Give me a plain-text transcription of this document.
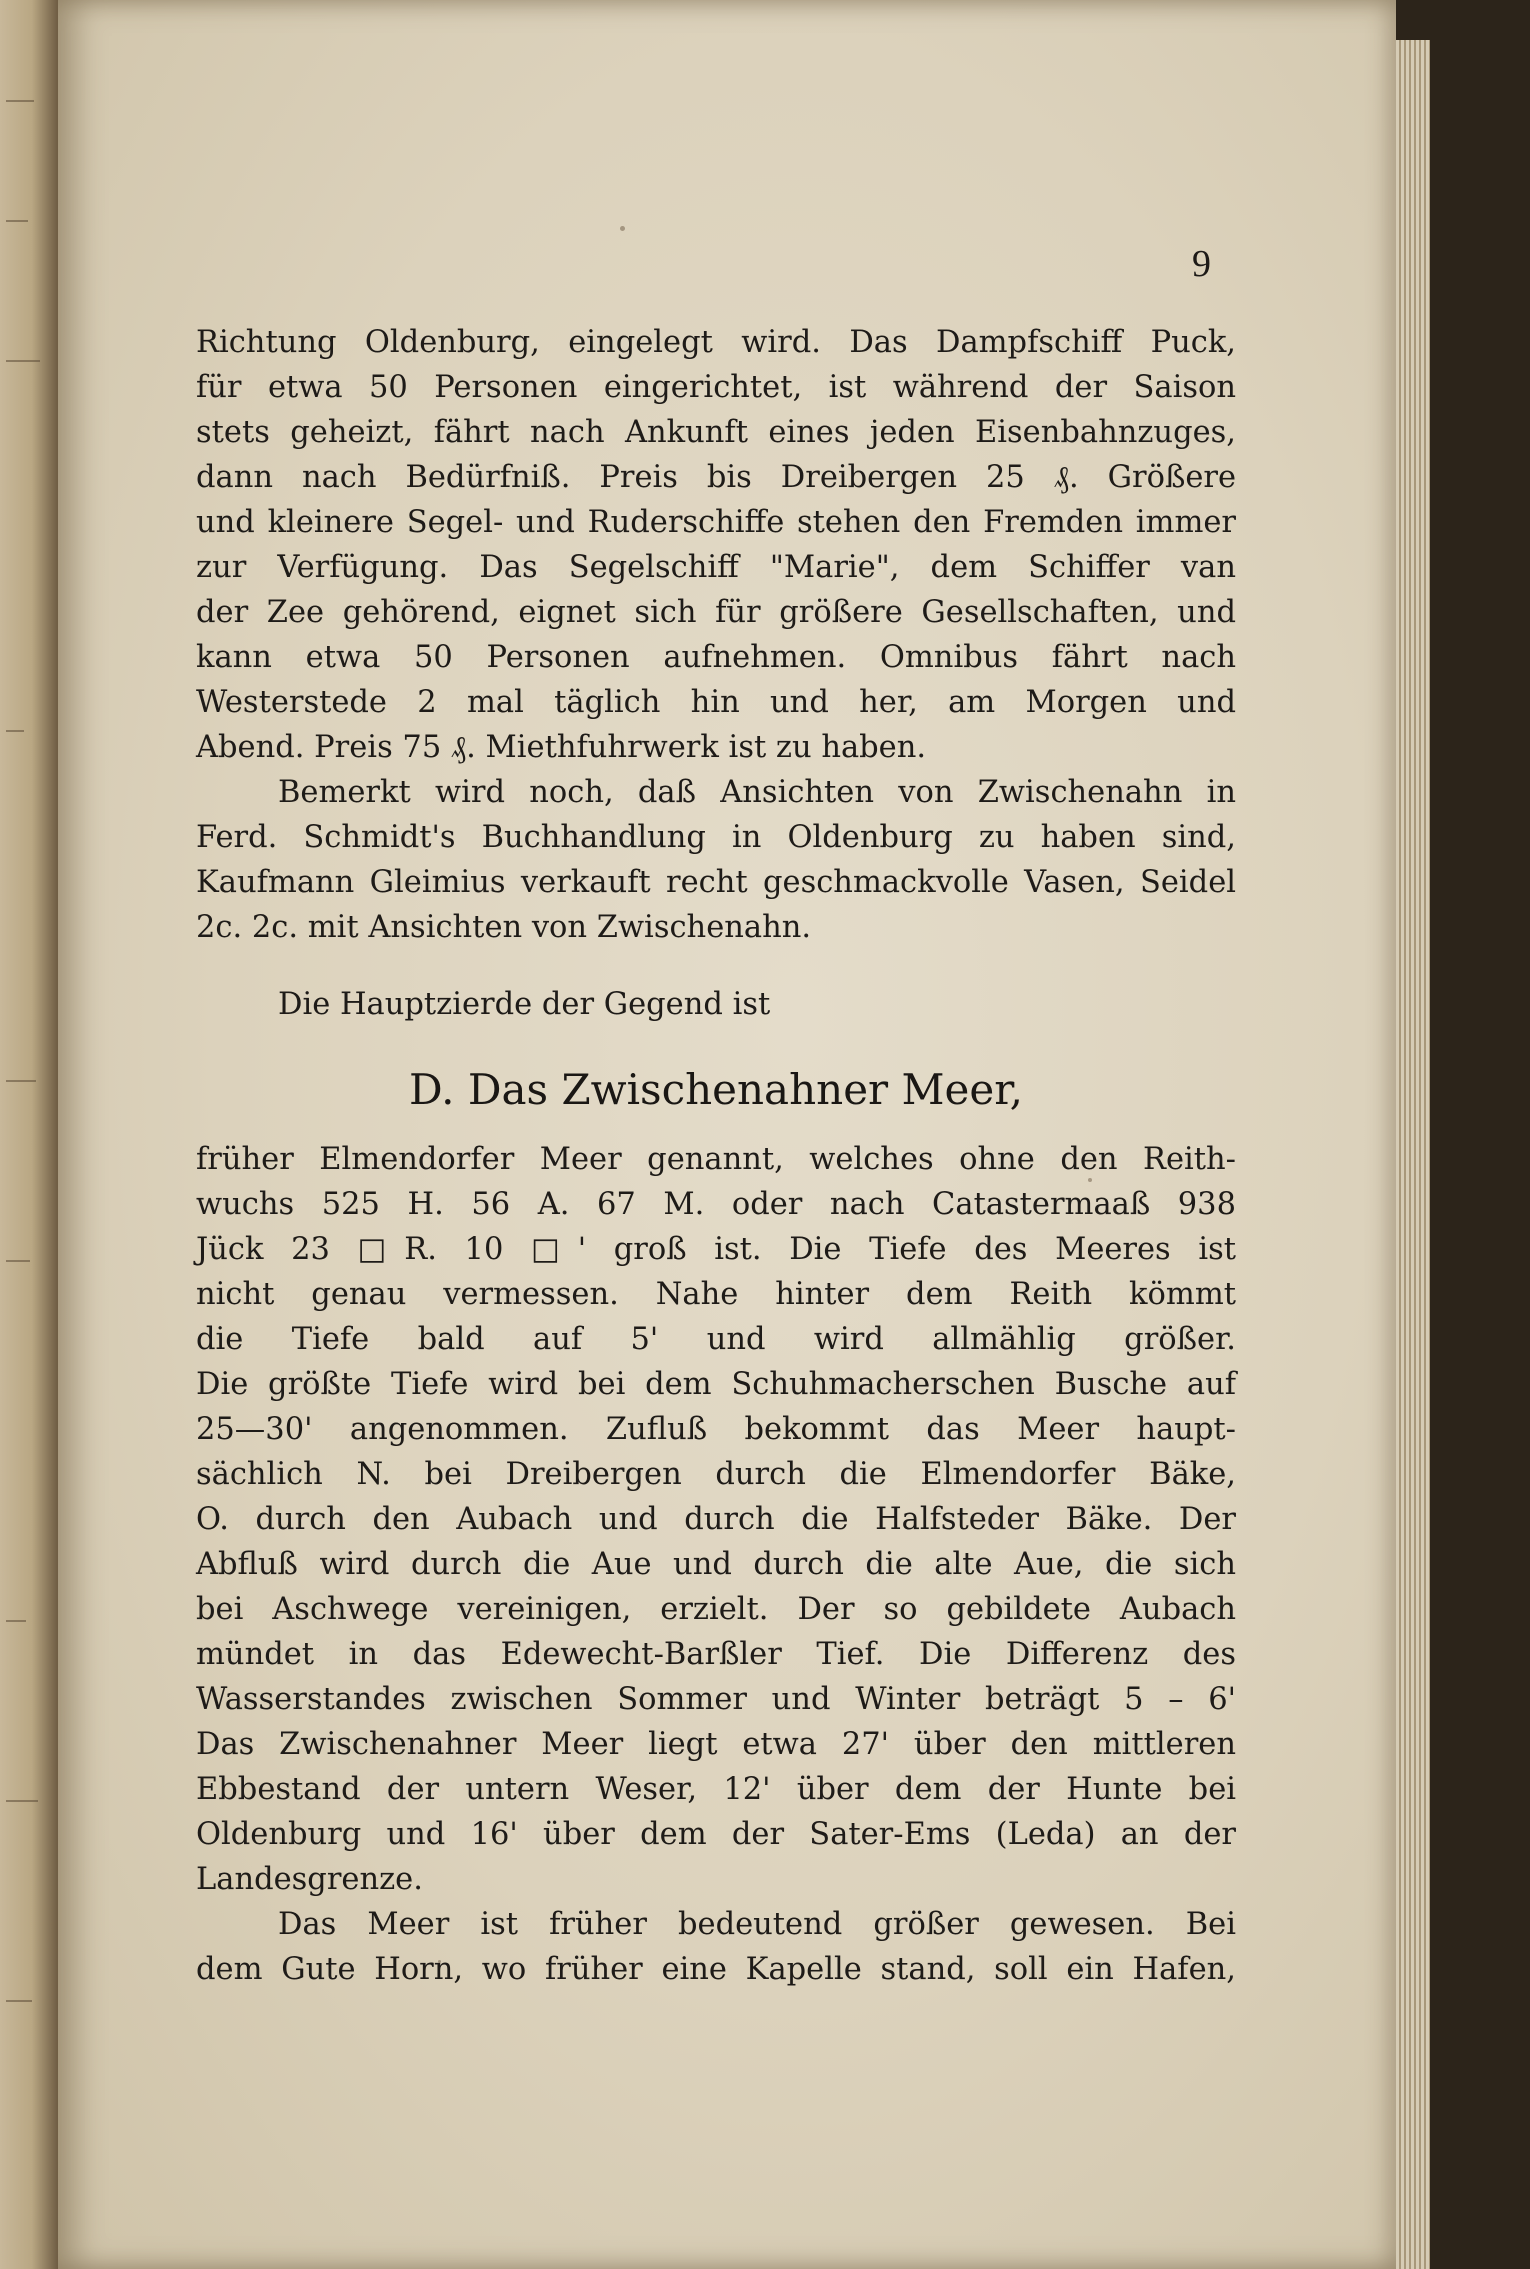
9
Richtung Oldenburg, eingelegt wird. Das Dampfschiff Puck,
für etwa 50 Personen eingerichtet, ist während der Saison
stets geheizt, fährt nach Ankunft eines jeden Eisenbahnzuges,
dann nach Bedürfniß. Preis bis Dreibergen 25 ₰. Größere
und kleinere Segel- und Ruderschiffe stehen den Fremden immer
zur Verfügung. Das Segelschiff "Marie", dem Schiffer van
der Zee gehörend, eignet sich für größere Gesellschaften, und
kann etwa 50 Personen aufnehmen. Omnibus fährt nach
Westerstede 2 mal täglich hin und her, am Morgen und
Abend. Preis 75 ₰. Miethfuhrwerk ist zu haben.
Bemerkt wird noch, daß Ansichten von Zwischenahn in
Ferd. Schmidt's Buchhandlung in Oldenburg zu haben sind,
Kaufmann Gleimius verkauft recht geschmackvolle Vasen, Seidel
2c. 2c. mit Ansichten von Zwischenahn.
Die Hauptzierde der Gegend ist
D. Das Zwischenahner Meer,
früher Elmendorfer Meer genannt, welches ohne den Reith-
wuchs 525 H. 56 A. 67 M. oder nach Catastermaaß 938
Jück 23 □R. 10 □' groß ist. Die Tiefe des Meeres ist
nicht genau vermessen. Nahe hinter dem Reith kömmt
die Tiefe bald auf 5' und wird allmählig größer.
Die größte Tiefe wird bei dem Schuhmacherschen Busche auf
25—30' angenommen. Zufluß bekommt das Meer haupt-
sächlich N. bei Dreibergen durch die Elmendorfer Bäke,
O. durch den Aubach und durch die Halfsteder Bäke. Der
Abfluß wird durch die Aue und durch die alte Aue, die sich
bei Aschwege vereinigen, erzielt. Der so gebildete Aubach
mündet in das Edewecht-Barßler Tief. Die Differenz des
Wasserstandes zwischen Sommer und Winter beträgt 5 – 6'
Das Zwischenahner Meer liegt etwa 27' über den mittleren
Ebbestand der untern Weser, 12' über dem der Hunte bei
Oldenburg und 16' über dem der Sater-Ems (Leda) an der
Landesgrenze.
Das Meer ist früher bedeutend größer gewesen. Bei
dem Gute Horn, wo früher eine Kapelle stand, soll ein Hafen,
